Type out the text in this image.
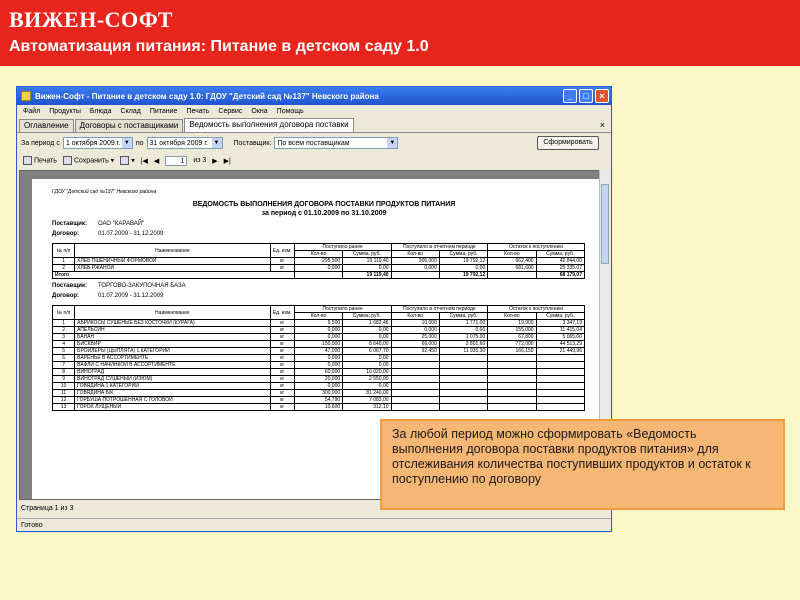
ВИЖЕН-СОФТ
Автоматизация питания: Питание в детском саду 1.0
Вижен-Софт - Питание в детском саду 1.0: ГДОУ "Детский сад №137" Невского района	_	□	×
Файл Продукты Блюда Склад Питание Печать Сервис Окна Помощь
Оглавление	Договоры с поставщиками	Ведомость выполнения договора поставки	×
За период с 1 октября 2009 г. ▼ по 31 октября 2009 г. ▼ Поставщик: По всем поставщикам	▼	Сформировать
Печать	Сохранить ▾	▾ |◀ ◀	1	из 3 ▶ ▶|
ГДОУ "Детский сад №137" Невского района
ВЕДОМОСТЬ ВЫПОЛНЕНИЯ ДОГОВОРА ПОСТАВКИ ПРОДУКТОВ ПИТАНИЯ
за период с 01.10.2009 по 31.10.2009
Поставщик:	ОАО "КАРАВАЙ"
Договор:	01.07.2009 - 31.12.2009
№ п/п	Наименование	Ед. изм.	Поступило ранее		Поступило в отчетном периоде		Остаток к поступлению	
			Кол-во	Сумма, руб.	Кол-во	Сумма, руб.	Кол-во	Сумма, руб.
1	ХЛЕБ ПШЕНИЧНЫЙ ФОРМОВОЙ	кг	295,500	19 119,40	306,000	19 792,12	662,400	42 844,00
2	ХЛЕБ РЖАНОЙ	кг	0,000	0,00	0,000	0,00	681,600	25 335,07
Итого				19 119,40		19 792,12		68 179,07
Поставщик:	ТОРГОВО-ЗАКУПОЧНАЯ БАЗА
Договор:	01.07.2009 - 31.12.2009
№ п/п	Наименование	Ед. изм.	Поступило ранее		Поступило в отчетном периоде		Остаток к поступлению	
			Кол-во	Сумма, руб.	Кол-во	Сумма, руб.	Кол-во	Сумма, руб.
1	АБРИКОСЫ СУШЕНЫЕ БЕЗ КОСТОЧКИ (КУРАГА)	кг	9,500	1 682,46	10,000	1 771,00	19,900	3 347,19
2	АПЕЛЬСИН	кг	0,000	0,00	0,000	0,00	155,000	11 415,04
3	БАНАН	кг	0,000	0,00	25,000	1 075,00	67,800	5 065,00
4	БИСКВИР	кг	150,000	8 640,00	66,000	3 801,60	772,000	44 513,29
5	БРОЙЛЕРЫ (ЦЫПЛЯТА) 1 КАТЕГОРИИ	кг	47,000	6 067,70	92,450	11 935,30	166,150	21 449,96
6	ВАРЕНЬЕ В АССОРТИМЕНТЕ	кг	0,000	0,00				
7	ВАФЛИ С НАЧИНКОЙ В АССОРТИМЕНТЕ	кг	0,000	0,00				
8	ВИНОГРАД	кг	60,000	10 020,00				
9	ВИНОГРАД СУШЕНЫЙ (ИЗЮМ)	кг	20,000	2 550,00				
10	ГОВЯДИНА 1 КАТЕГОРИИ	кг	0,000	0,00				
11	ГОВЯДИНА Б/К	кг	300,000	81 240,00				
12	ГОРБУША ПОТРОШЕННАЯ С ГОЛОВОЙ	кг	54,790	7 083,00				
13	ГОРОХ ЛУЩЕНЫЙ	кг	10,600	312,10				
Страница 1 из 3
Готово
За любой период можно сформировать «Ведомость выполнения договора поставки продуктов питания» для отслеживания количества поступивших продуктов и остаток к поступлению по договору
